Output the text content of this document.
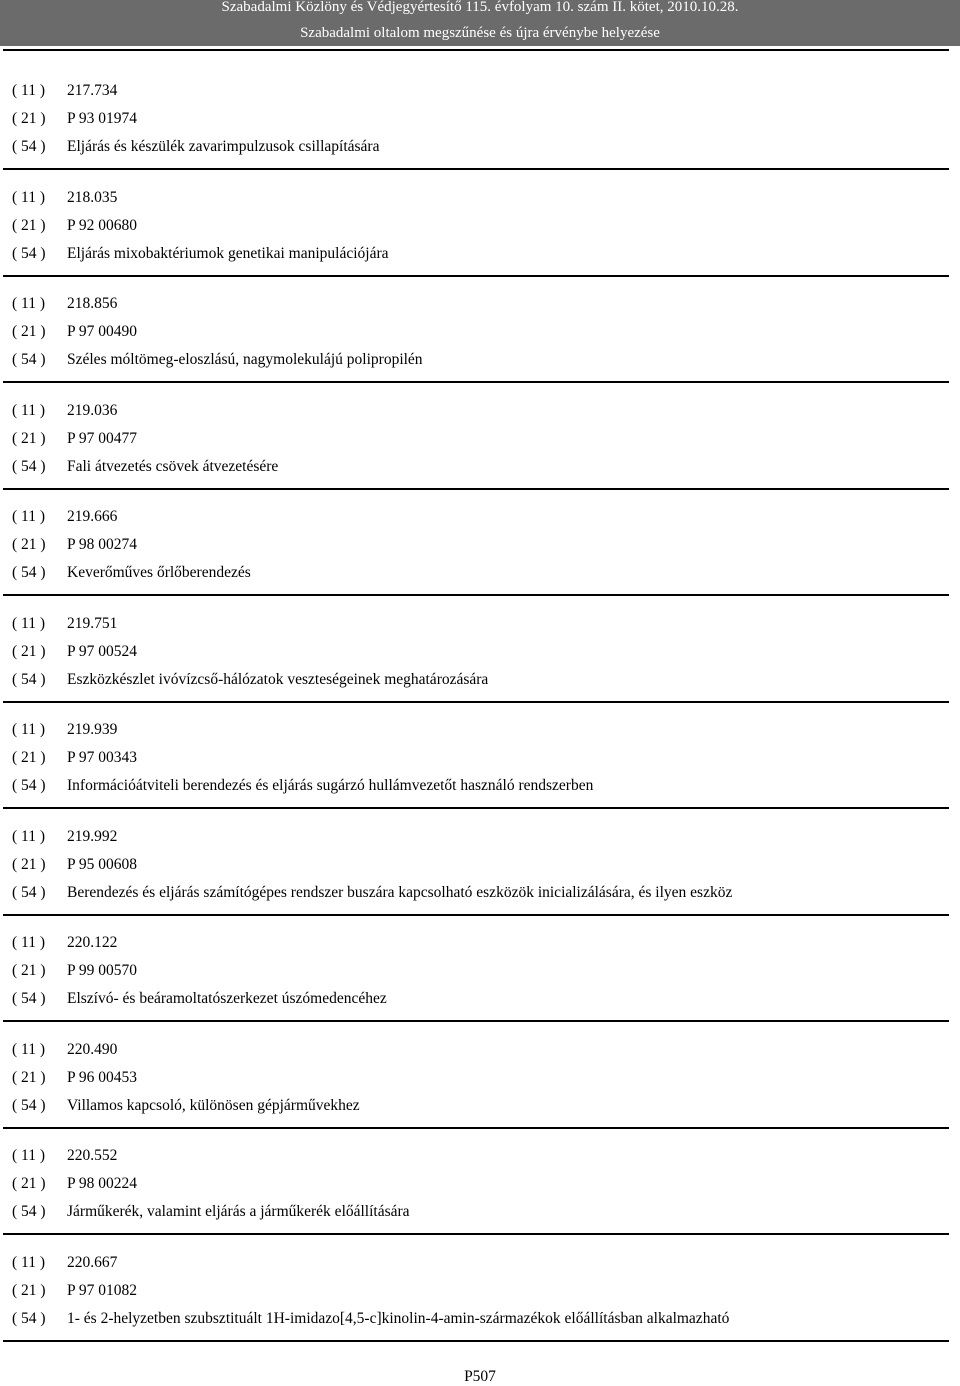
Szabadalmi Közlöny és Védjegyértesítő 115. évfolyam 10. szám II. kötet, 2010.10.28.
Szabadalmi oltalom megszűnése és újra érvénybe helyezése
( 11 ) 217.734
( 21 ) P 93 01974
( 54 ) Eljárás és készülék zavarimpulzusok csillapítására
( 11 ) 218.035
( 21 ) P 92 00680
( 54 ) Eljárás mixobaktériumok genetikai manipulációjára
( 11 ) 218.856
( 21 ) P 97 00490
( 54 ) Széles móltömeg-eloszlású, nagymolekulájú polipropilén
( 11 ) 219.036
( 21 ) P 97 00477
( 54 ) Fali átvezetés csövek átvezetésére
( 11 ) 219.666
( 21 ) P 98 00274
( 54 ) Keverőműves őrlőberendezés
( 11 ) 219.751
( 21 ) P 97 00524
( 54 ) Eszközkészlet ivóvízcső-hálózatok veszteségeinek meghatározására
( 11 ) 219.939
( 21 ) P 97 00343
( 54 ) Információátviteli berendezés és eljárás sugárzó hullámvezetőt használó rendszerben
( 11 ) 219.992
( 21 ) P 95 00608
( 54 ) Berendezés és eljárás számítógépes rendszer buszára kapcsolható eszközök inicializálására, és ilyen eszköz
( 11 ) 220.122
( 21 ) P 99 00570
( 54 ) Elszívó- és beáramoltatószerkezet úszómedencéhez
( 11 ) 220.490
( 21 ) P 96 00453
( 54 ) Villamos kapcsoló, különösen gépjárművekhez
( 11 ) 220.552
( 21 ) P 98 00224
( 54 ) Járműkerék, valamint eljárás a járműkerék előállítására
( 11 ) 220.667
( 21 ) P 97 01082
( 54 ) 1- és 2-helyzetben szubsztituált 1H-imidazo[4,5-c]kinolin-4-amin-származékok előállításban alkalmazható
P507
